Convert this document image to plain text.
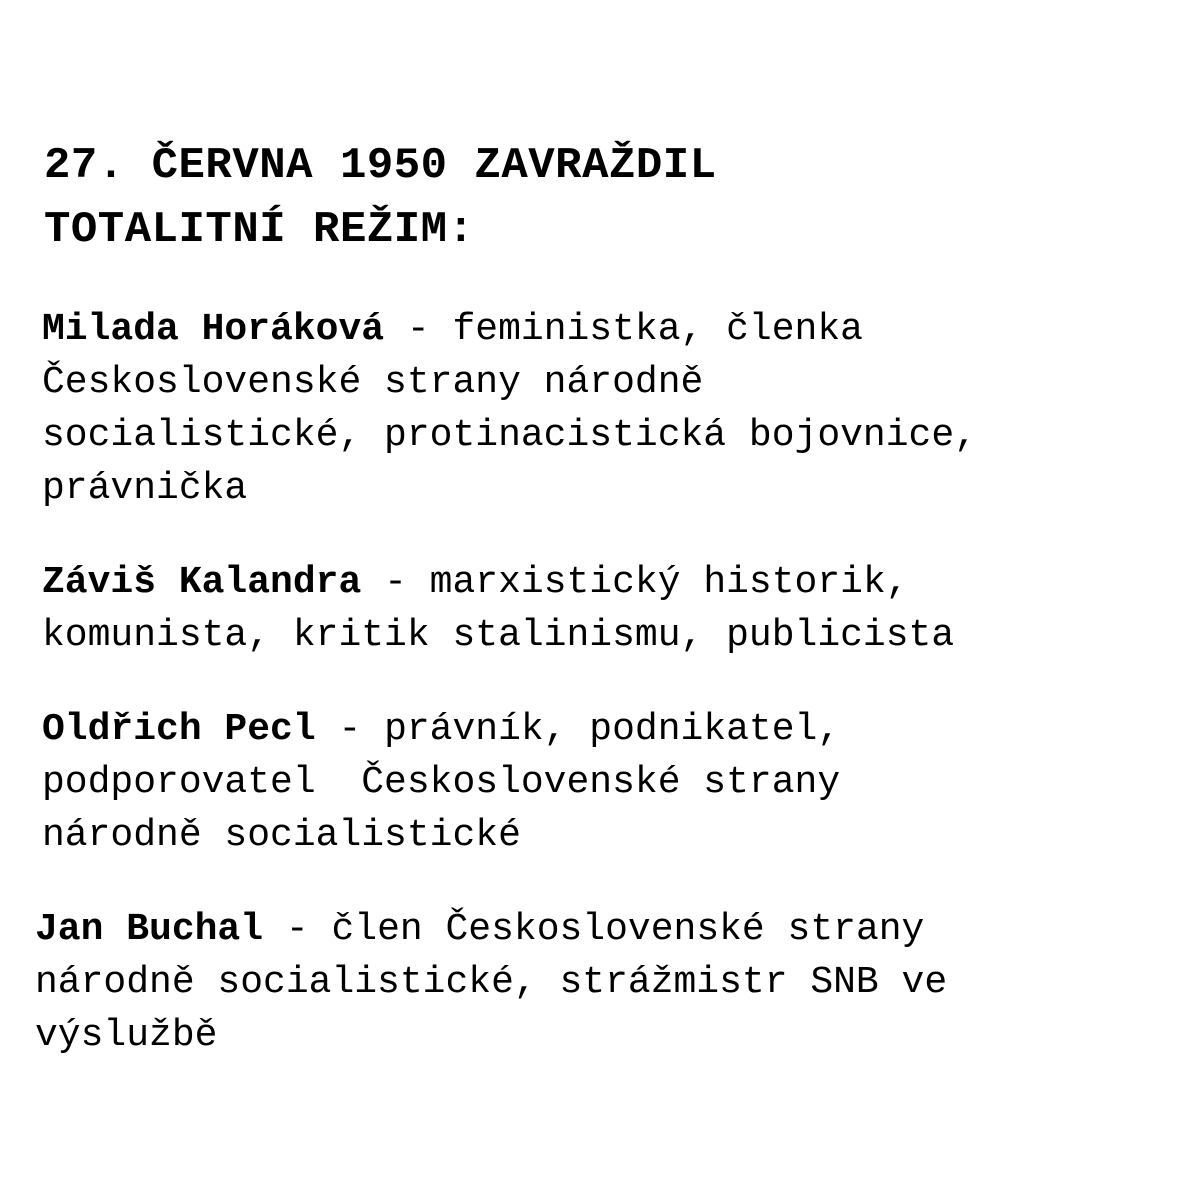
27. ČERVNA 1950 ZAVRAŽDIL
TOTALITNÍ REŽIM:

Milada Horáková - feministka, členka
Československé strany národně
socialistické, protinacistická bojovnice,
právnička

Záviš Kalandra - marxistický historik,
komunista, kritik stalinismu, publicista

Oldřich Pecl - právník, podnikatel,
podporovatel  Československé strany
národně socialistické

Jan Buchal - člen Československé strany
národně socialistické, strážmistr SNB ve
výslužbě
